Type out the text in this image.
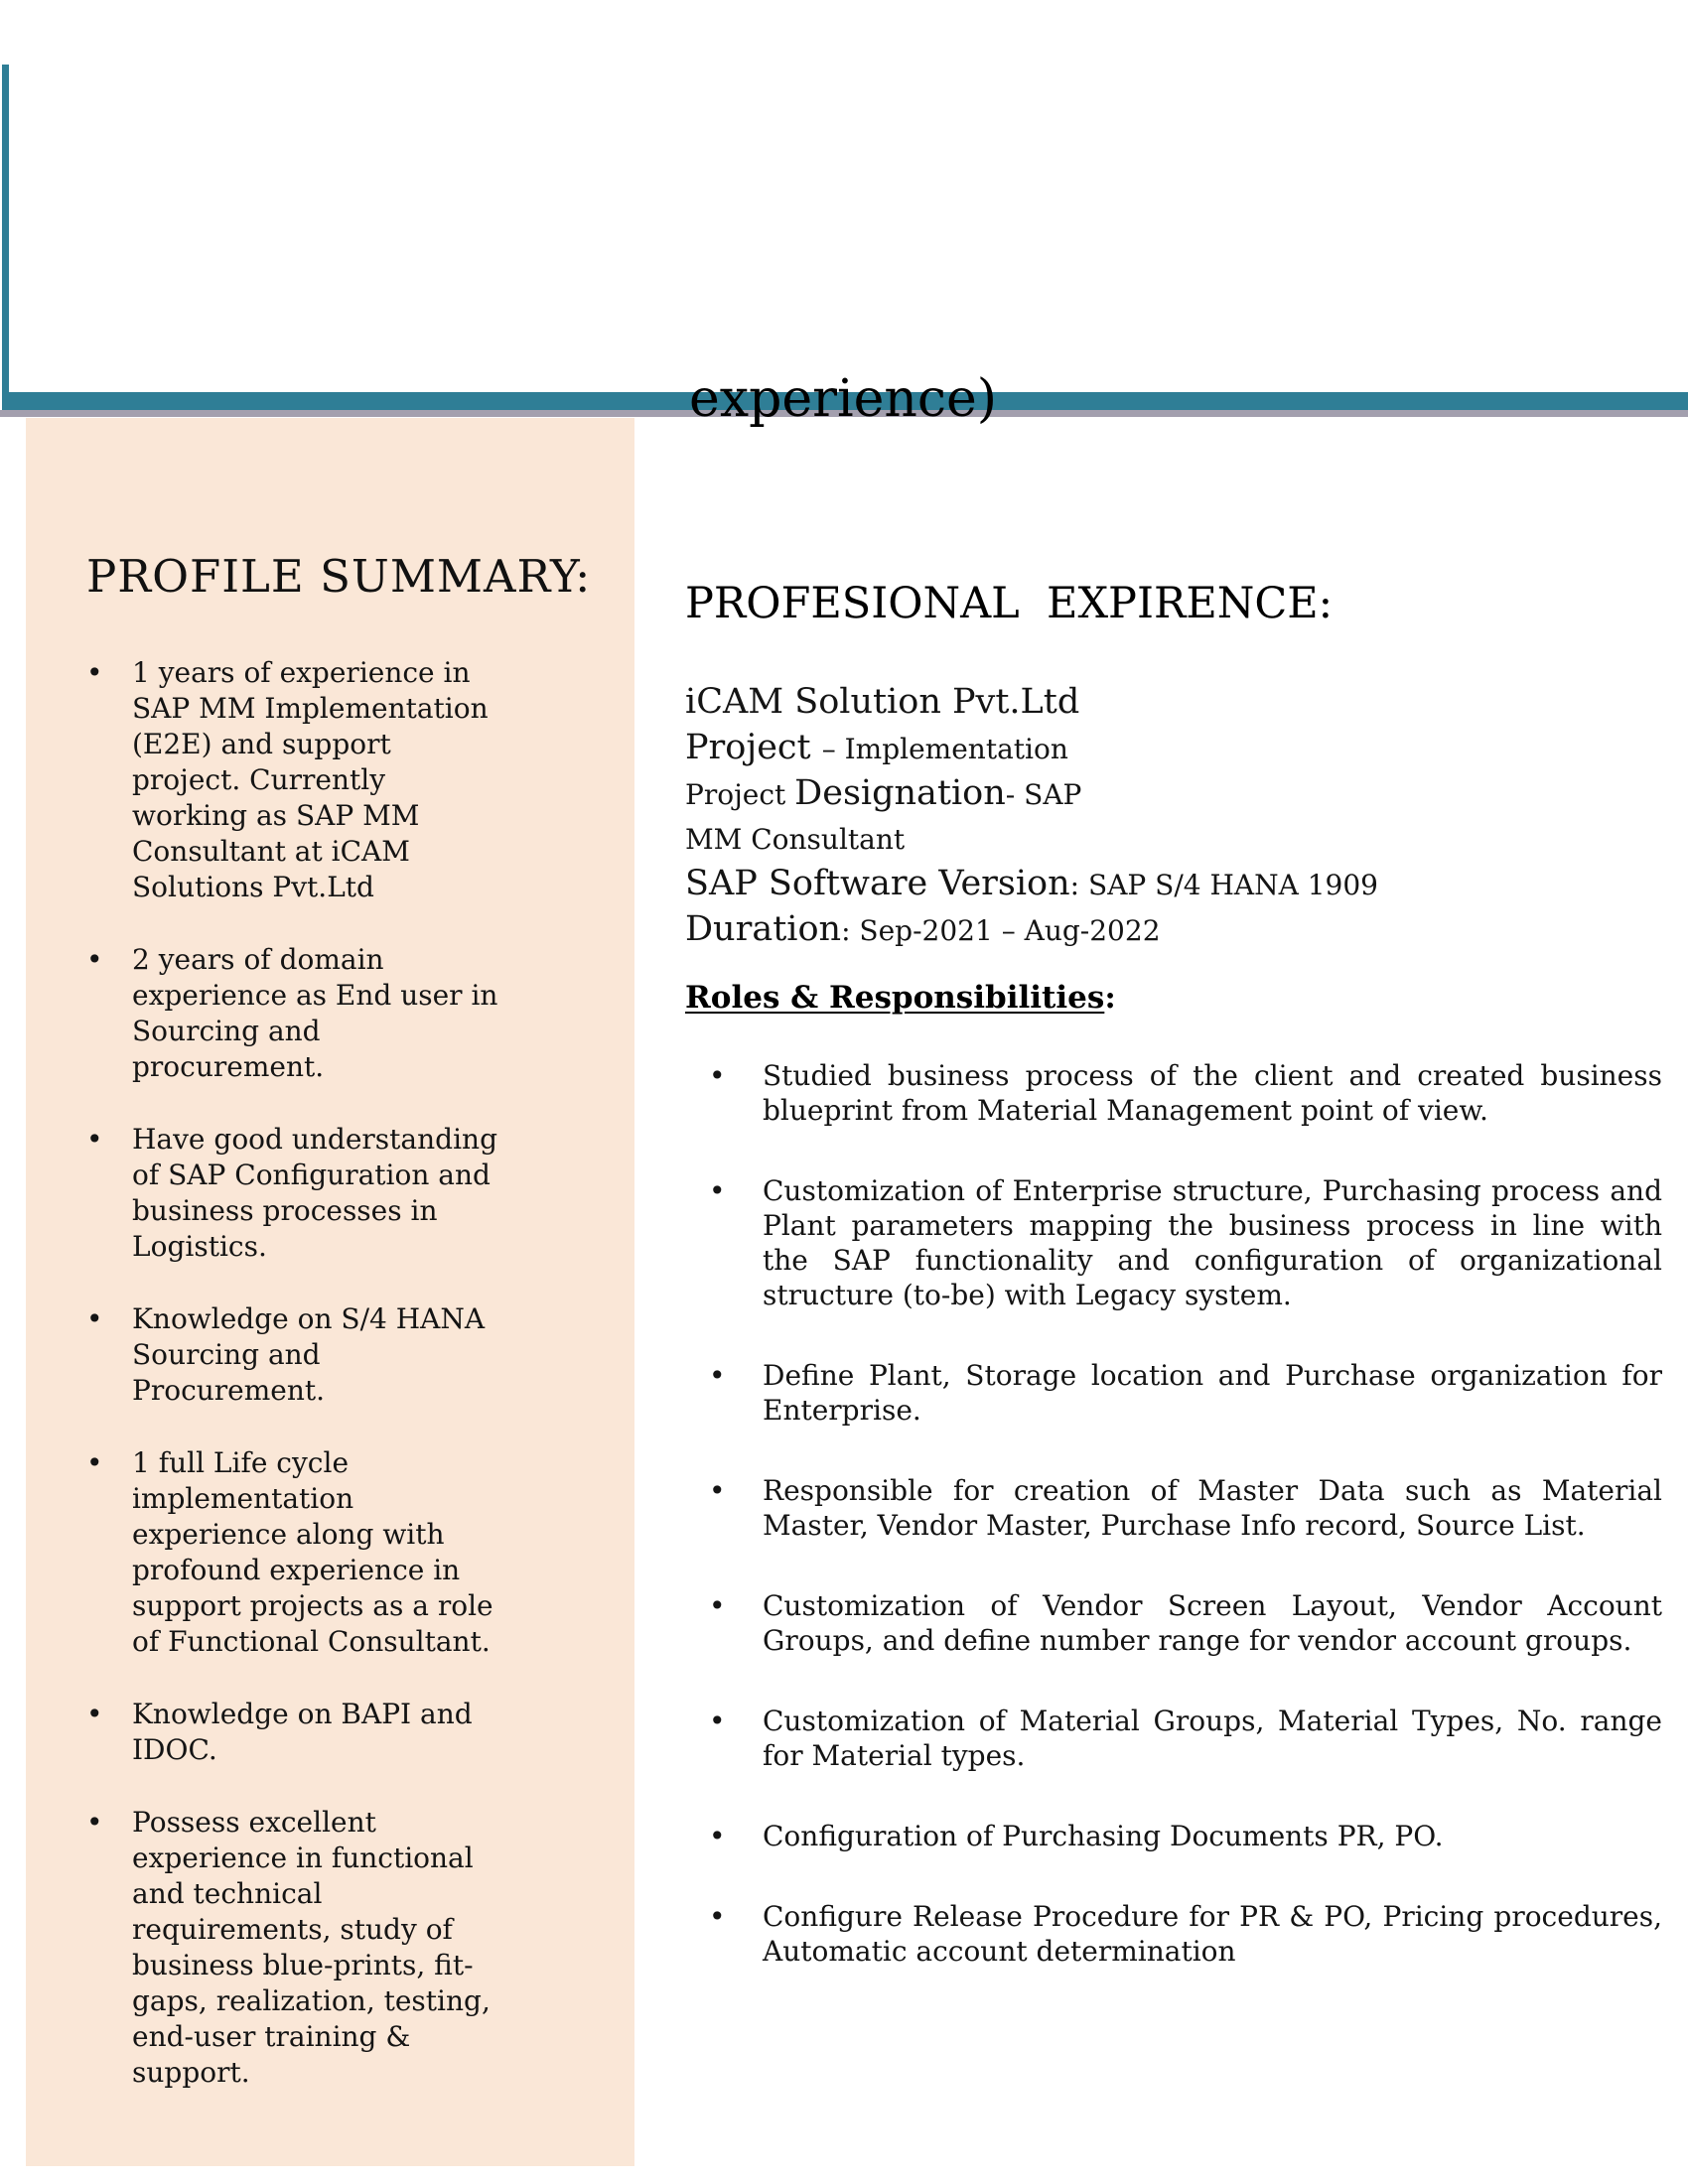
experience)
PROFILE SUMMARY:
•	1 years of experience in SAP MM Implementation (E2E) and support project. Currently working as SAP MM Consultant at iCAM Solutions Pvt.Ltd
•	2 years of domain experience as End user in Sourcing and procurement.
•	Have good understanding of SAP Configuration and business processes in Logistics.
•	Knowledge on S/4 HANA Sourcing and Procurement.
•	1 full Life cycle implementation experience along with profound experience in support projects as a role of Functional Consultant.
•	Knowledge on BAPI and IDOC.
•	Possess excellent experience in functional and technical requirements, study of business blue-prints, fit-gaps, realization, testing, end-user training & support.
PROFESIONAL  EXPIRENCE:
iCAM Solution Pvt.Ltd
Project – Implementation
Project Designation- SAP
MM Consultant
SAP Software Version: SAP S/4 HANA 1909
Duration: Sep-2021 – Aug-2022
Roles & Responsibilities:
• Studied business process of the client and created business blueprint from Material Management point of view.
• Customization of Enterprise structure, Purchasing process and Plant parameters mapping the business process in line with the SAP functionality and configuration of organizational structure (to-be) with Legacy system.
• Define Plant, Storage location and Purchase organization for Enterprise.
• Responsible for creation of Master Data such as Material Master, Vendor Master, Purchase Info record, Source List.
• Customization of Vendor Screen Layout, Vendor Account Groups, and define number range for vendor account groups.
• Customization of Material Groups, Material Types, No. range for Material types.
• Configuration of Purchasing Documents PR, PO.
• Configure Release Procedure for PR & PO, Pricing procedures, Automatic account determination
